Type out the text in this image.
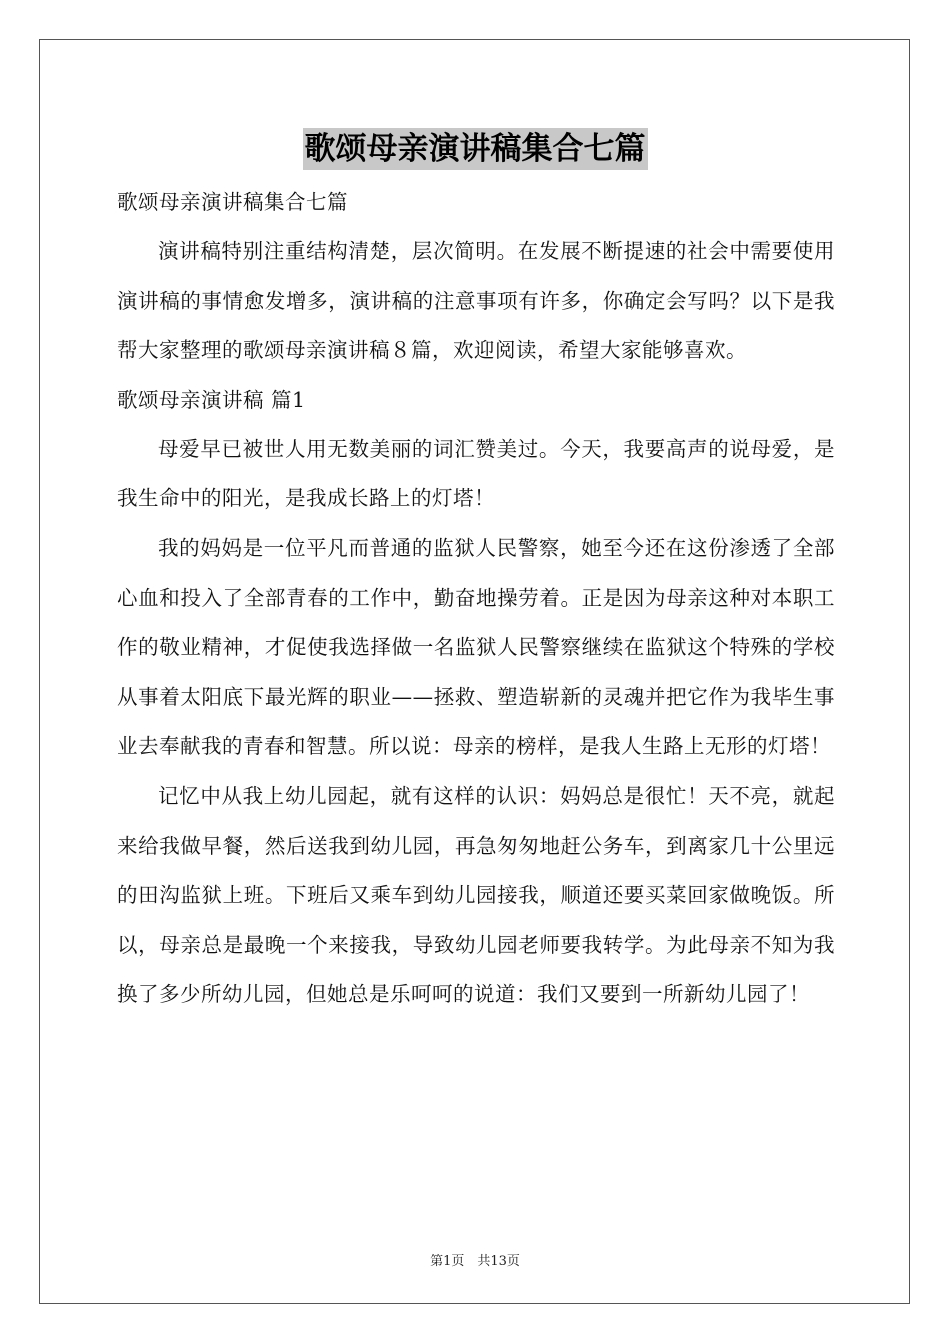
歌颂母亲演讲稿集合七篇

歌颂母亲演讲稿集合七篇

演讲稿特别注重结构清楚，层次简明。在发展不断提速的社会中需要使用演讲稿的事情愈发增多，演讲稿的注意事项有许多，你确定会写吗？以下是我帮大家整理的歌颂母亲演讲稿８篇，欢迎阅读，希望大家能够喜欢。

歌颂母亲演讲稿 篇1

母爱早已被世人用无数美丽的词汇赞美过。今天，我要高声的说母爱，是我生命中的阳光，是我成长路上的灯塔！

我的妈妈是一位平凡而普通的监狱人民警察，她至今还在这份渗透了全部心血和投入了全部青春的工作中，勤奋地操劳着。正是因为母亲这种对本职工作的敬业精神，才促使我选择做一名监狱人民警察继续在监狱这个特殊的学校从事着太阳底下最光辉的职业——拯救、塑造崭新的灵魂并把它作为我毕生事业去奉献我的青春和智慧。所以说：母亲的榜样，是我人生路上无形的灯塔！

记忆中从我上幼儿园起，就有这样的认识：妈妈总是很忙！天不亮，就起来给我做早餐，然后送我到幼儿园，再急匆匆地赶公务车，到离家几十公里远的田沟监狱上班。下班后又乘车到幼儿园接我，顺道还要买菜回家做晚饭。所以，母亲总是最晚一个来接我，导致幼儿园老师要我转学。为此母亲不知为我换了多少所幼儿园，但她总是乐呵呵的说道：我们又要到一所新幼儿园了！

第1页　共13页
